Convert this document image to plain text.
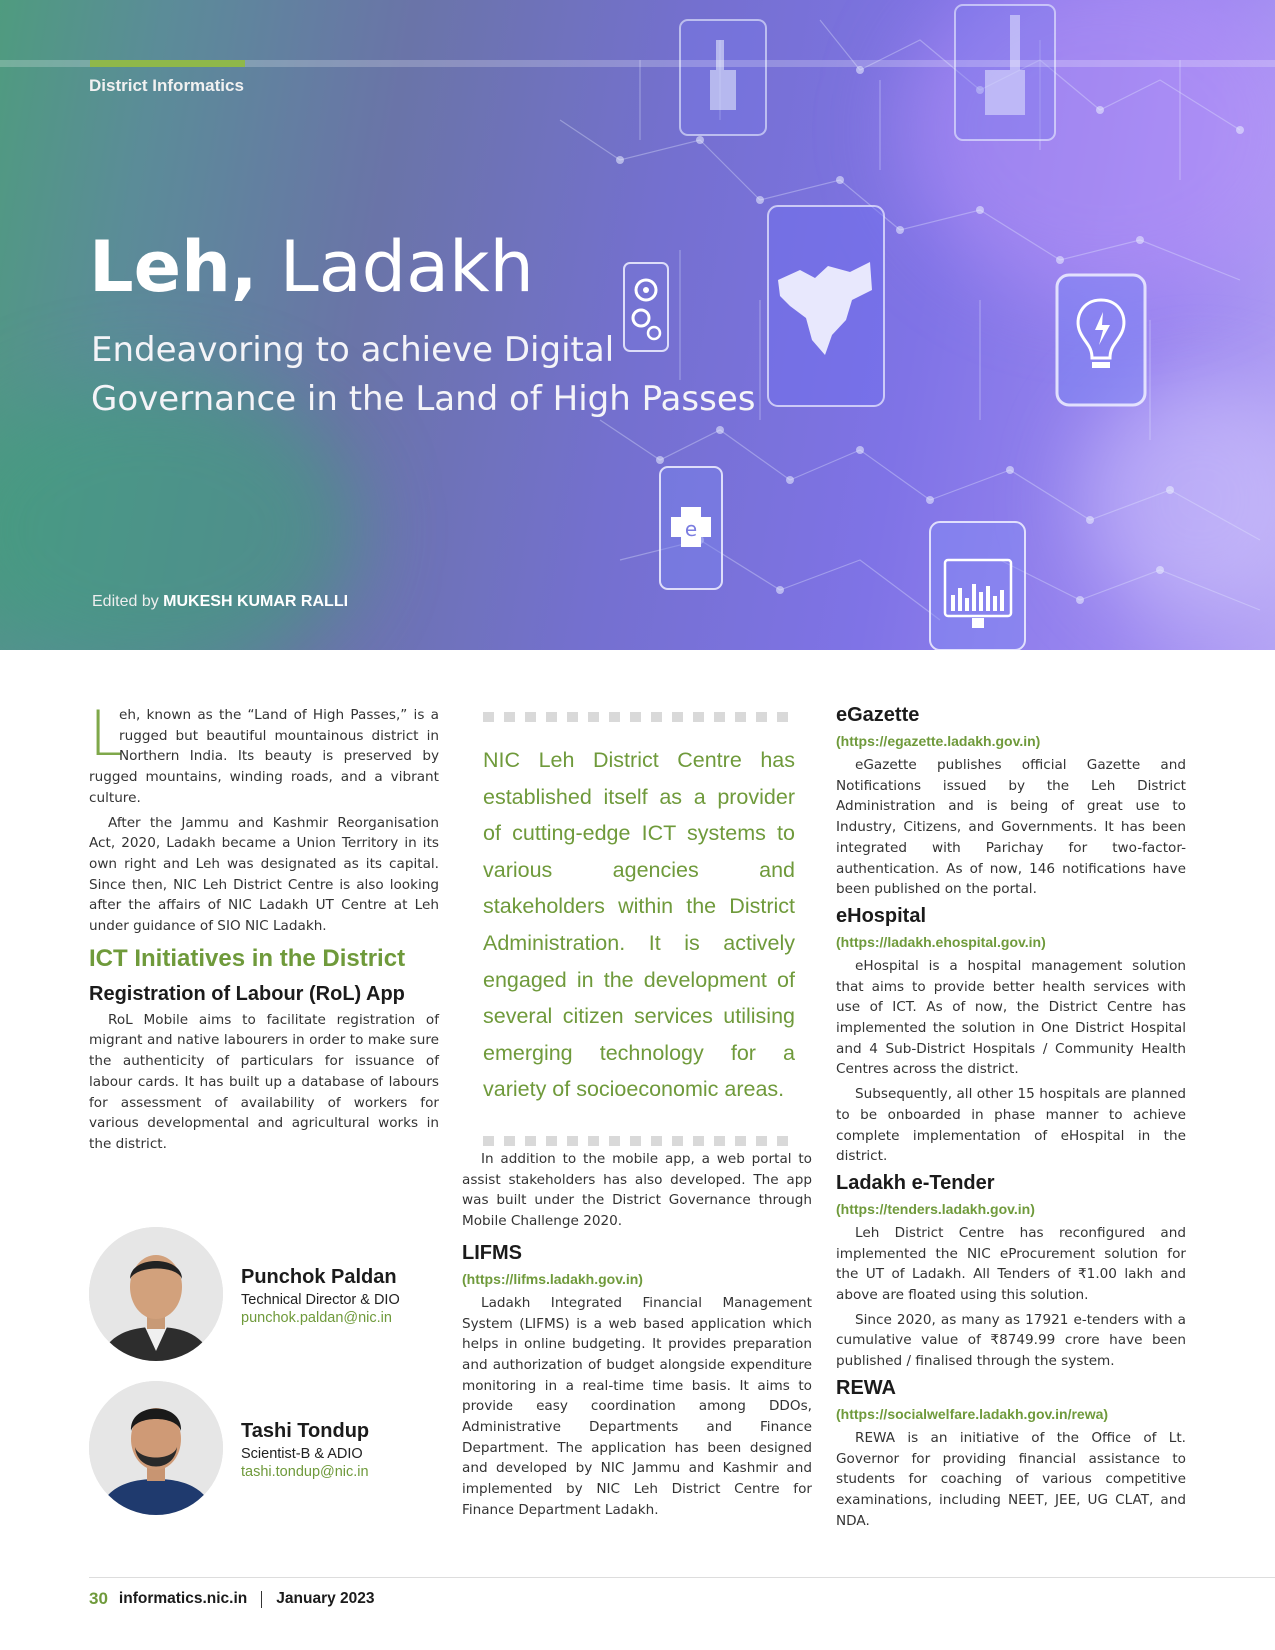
e
District Informatics
Leh, Ladakh
Endeavoring to achieve Digital Governance in the Land of High Passes
Edited by MUKESH KUMAR RALLI
L

eh, known as the “Land of High Passes,” is a rugged but beautiful mountainous district in Northern India. Its beauty is preserved by rugged mountains, winding roads, and a vibrant culture.

After the Jammu and Kashmir Reorganisation Act, 2020, Ladakh became a Union Territory in its own right and Leh was designated as its capital. Since then, NIC Leh District Centre is also looking after the affairs of NIC Ladakh UT Centre at Leh under guidance of SIO NIC Ladakh.

ICT Initiatives in the District
Registration of Labour (RoL) App

RoL Mobile aims to facilitate registration of migrant and native labourers in order to make sure the authenticity of particulars for issuance of labour cards. It has built up a database of labours for assessment of availability of workers for various developmental and agricultural works in the district.

NIC Leh District Centre has established itself as a provider of cutting-edge ICT systems to various agencies and stakeholders within the District Administration. It is actively engaged in the development of several citizen services utilising emerging technology for a variety of socioeconomic areas.

In addition to the mobile app, a web portal to assist stakeholders has also developed. The app was built under the District Governance through Mobile Challenge 2020.

LIFMS
(https://lifms.ladakh.gov.in)

Ladakh Integrated Financial Management System (LIFMS) is a web based application which helps in online budgeting. It provides preparation and authorization of budget alongside expenditure monitoring in a real-time time basis. It aims to provide easy coordination among DDOs, Administrative Departments and Finance Department. The application has been designed and developed by NIC Jammu and Kashmir and implemented by NIC Leh District Centre for Finance Department Ladakh.

eGazette
(https://egazette.ladakh.gov.in)

eGazette publishes official Gazette and Notifications issued by the Leh District Administration and is being of great use to Industry, Citizens, and Governments. It has been integrated with Parichay for two-factor-authentication. As of now, 146 notifications have been published on the portal.

eHospital
(https://ladakh.ehospital.gov.in)

eHospital is a hospital management solution that aims to provide better health services with use of ICT. As of now, the District Centre has implemented the solution in One District Hospital and 4 Sub-District Hospitals / Community Health Centres across the district.

Subsequently, all other 15 hospitals are planned to be onboarded in phase manner to achieve complete implementation of eHospital in the district.

Ladakh e-Tender
(https://tenders.ladakh.gov.in)

Leh District Centre has reconfigured and implemented the NIC eProcurement solution for the UT of Ladakh. All Tenders of ₹1.00 lakh and above are floated using this solution.

Since 2020, as many as 17921 e-tenders with a cumulative value of ₹8749.99 crore have been published / finalised through the system.

REWA
(https://socialwelfare.ladakh.gov.in/rewa)

REWA is an initiative of the Office of Lt. Governor for providing financial assistance to students for coaching of various competitive examinations, including NEET, JEE, UG CLAT, and NDA.

Punchok Paldan
Technical Director & DIO
punchok.paldan@nic.in
Tashi Tondup
Scientist-B & ADIO
tashi.tondup@nic.in
30 informatics.nic.in January 2023
